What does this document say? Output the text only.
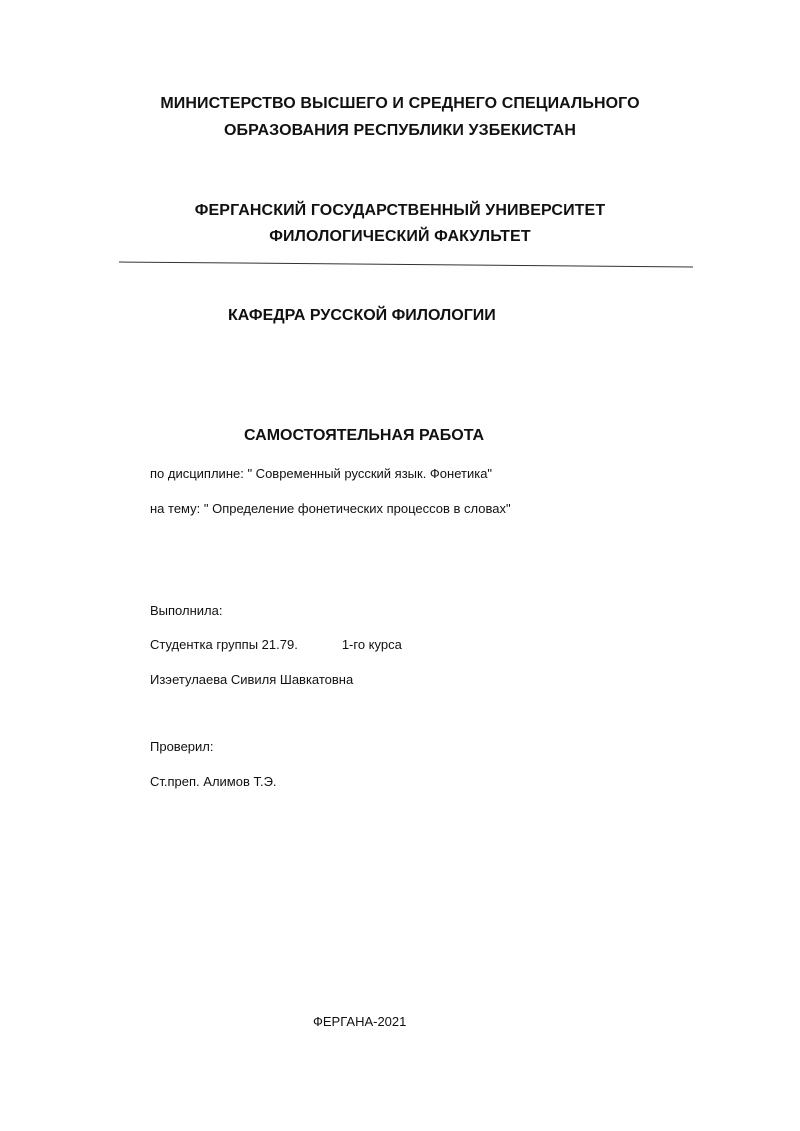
МИНИСТЕРСТВО ВЫСШЕГО И СРЕДНЕГО СПЕЦИАЛЬНОГО
ОБРАЗОВАНИЯ РЕСПУБЛИКИ УЗБЕКИСТАН
ФЕРГАНСКИЙ ГОСУДАРСТВЕННЫЙ УНИВЕРСИТЕТ
ФИЛОЛОГИЧЕСКИЙ ФАКУЛЬТЕТ
КАФЕДРА РУССКОЙ ФИЛОЛОГИИ
САМОСТОЯТЕЛЬНАЯ РАБОТА
по дисциплине: " Современный русский язык. Фонетика"
на тему: " Определение фонетических процессов в словах"
Выполнила:
Студентка группы 21.79.	1-го курса
Изэетулаева Сивиля Шавкатовна
Проверил:
Ст.преп. Алимов Т.Э.
ФЕРГАНА-2021
